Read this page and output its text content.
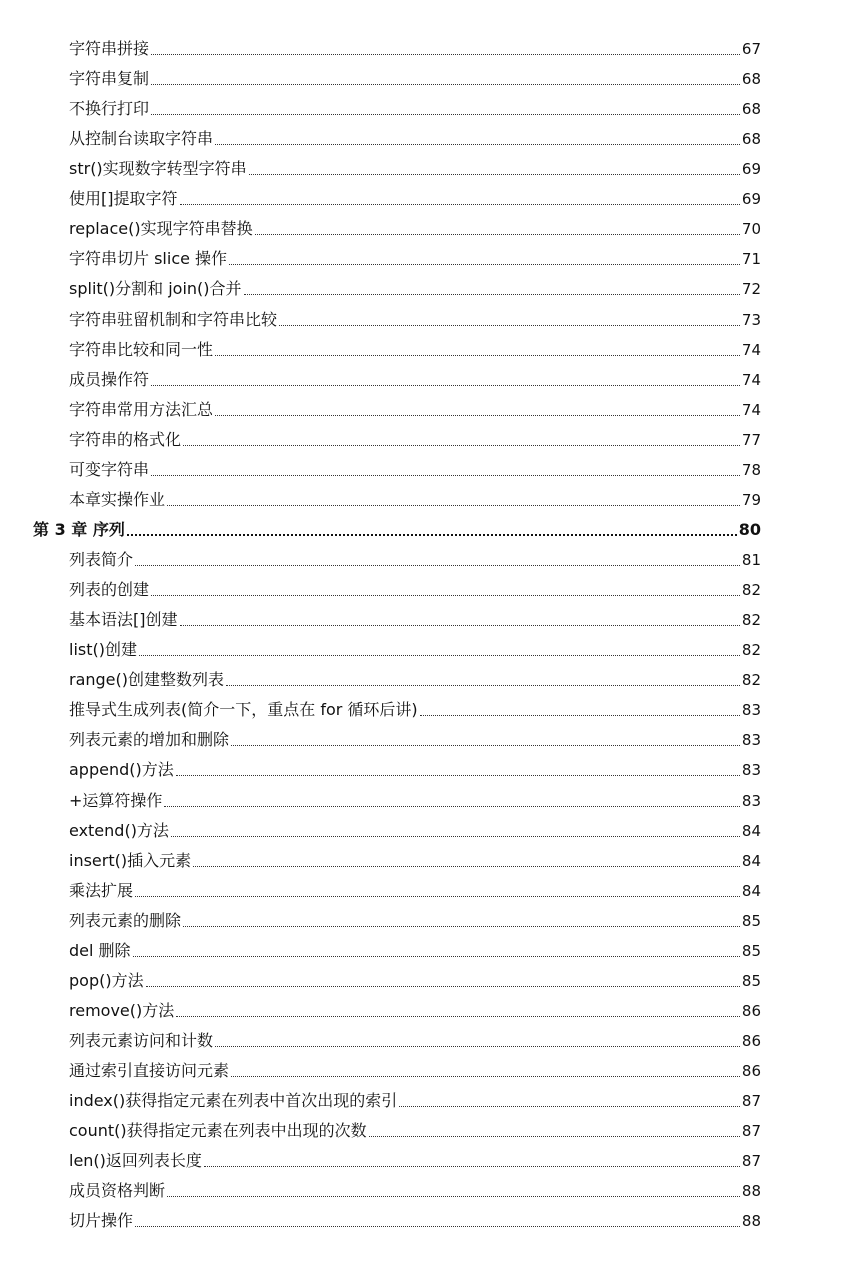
字符串拼接	67
字符串复制	68
不换行打印	68
从控制台读取字符串	68
str()实现数字转型字符串	69
使用[]提取字符	69
replace()实现字符串替换	70
字符串切片 slice 操作	71
split()分割和 join()合并	72
字符串驻留机制和字符串比较	73
字符串比较和同一性	74
成员操作符	74
字符串常用方法汇总	74
字符串的格式化	77
可变字符串	78
本章实操作业	79
第 3 章 序列	80
列表简介	81
列表的创建	82
基本语法[]创建	82
list()创建	82
range()创建整数列表	82
推导式生成列表(简介一下，重点在 for 循环后讲)	83
列表元素的增加和删除	83
append()方法	83
+运算符操作	83
extend()方法	84
insert()插入元素	84
乘法扩展	84
列表元素的删除	85
del 删除	85
pop()方法	85
remove()方法	86
列表元素访问和计数	86
通过索引直接访问元素	86
index()获得指定元素在列表中首次出现的索引	87
count()获得指定元素在列表中出现的次数	87
len()返回列表长度	87
成员资格判断	88
切片操作	88
